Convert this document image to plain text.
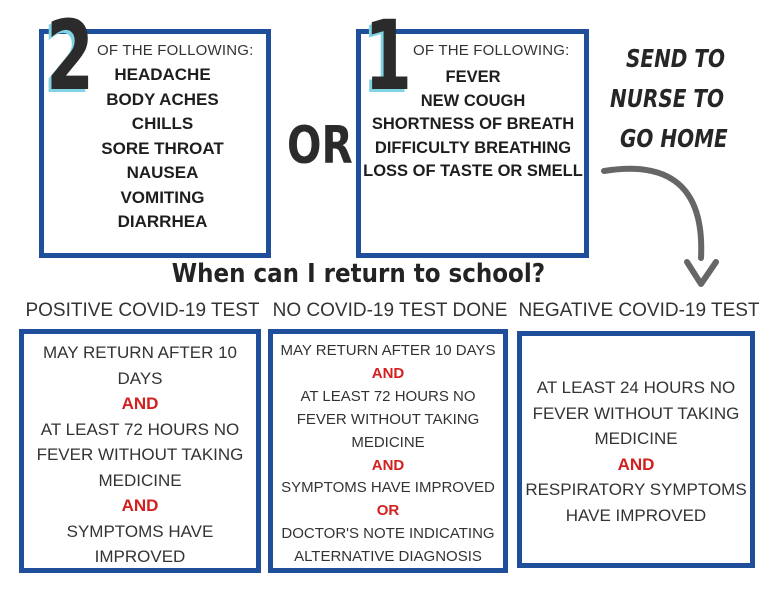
2 OF THE FOLLOWING:
HEADACHE
BODY ACHES
CHILLS
SORE THROAT
NAUSEA
VOMITING
DIARRHEA
OR
1 OF THE FOLLOWING:
FEVER
NEW COUGH
SHORTNESS OF BREATH
DIFFICULTY BREATHING
LOSS OF TASTE OR SMELL
SEND TO
NURSE TO
GO HOME
When can I return to school?
POSITIVE COVID-19 TEST NO COVID-19 TEST DONE NEGATIVE COVID-19 TEST
MAY RETURN AFTER 10
DAYS
AND
AT LEAST 72 HOURS NO
FEVER WITHOUT TAKING
MEDICINE
AND
SYMPTOMS HAVE
IMPROVED
MAY RETURN AFTER 10 DAYS
AND
AT LEAST 72 HOURS NO
FEVER WITHOUT TAKING
MEDICINE
AND
SYMPTOMS HAVE IMPROVED
OR
DOCTOR'S NOTE INDICATING
ALTERNATIVE DIAGNOSIS
AT LEAST 24 HOURS NO
FEVER WITHOUT TAKING
MEDICINE
AND
RESPIRATORY SYMPTOMS
HAVE IMPROVED
